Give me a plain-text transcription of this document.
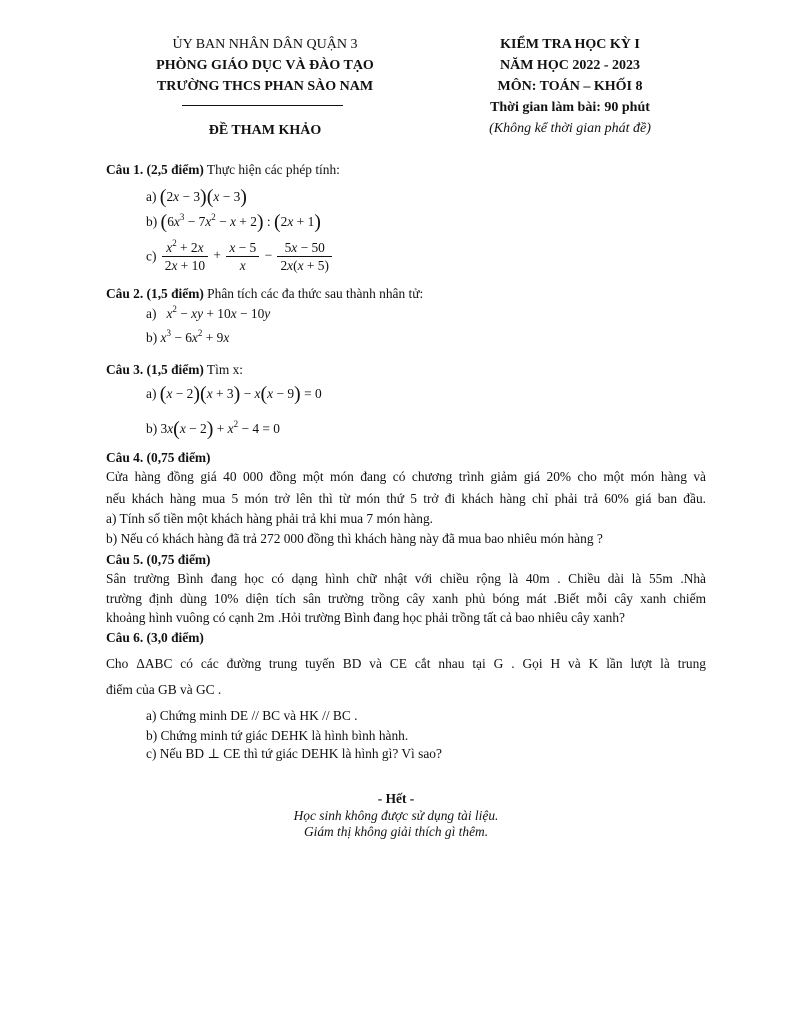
ỦY BAN NHÂN DÂN QUẬN 3
PHÒNG GIÁO DỤC VÀ ĐÀO TẠO
TRƯỜNG THCS PHAN SÀO NAM
ĐỀ THAM KHẢO
KIỂM TRA HỌC KỲ I
NĂM HỌC 2022 - 2023
MÔN: TOÁN – KHỐI 8
Thời gian làm bài: 90 phút
(Không kể thời gian phát đề)
Câu 1. (2,5 điểm) Thực hiện các phép tính:
a) (2x − 3)(x − 3)
b) $(6x^3 - 7x^2 - x + 2)$ : (2x + 1)
$c) \frac{x^2 + 2x}{2x + 10} + \frac{x - 5}{x} - \frac{5x - 50}{2x(x + 5)}$
Câu 2. (1,5 điểm) Phân tích các đa thức sau thành nhân tử:
a) $x^2$ − xy + 10x − 10y
b) $x^3 - 6x^2 + 9x$
Câu 3. (1,5 điểm) Tìm x:
a) (x − 2)(x + 3) − x(x − 9) = 0
b) $3x(x - 2) + x^2 - 4 = 0$
Câu 4. (0,75 điểm)
Cửa hàng đồng giá 40 000 đồng một món đang có chương trình giảm giá 20% cho một món hàng và
nếu khách hàng mua 5 món trở lên thì từ món thứ 5 trở đi khách hàng chỉ phải trả 60% giá ban đầu.
a) Tính số tiền một khách hàng phải trả khi mua 7 món hàng.
b) Nếu có khách hàng đã trả 272 000 đồng thì khách hàng này đã mua bao nhiêu món hàng ?
Câu 5. (0,75 điểm)
Sân trường Bình đang học có dạng hình chữ nhật với chiều rộng là 40m . Chiều dài là 55m .Nhà
trường định dùng 10% diện tích sân trường trồng cây xanh phủ bóng mát .Biết mỗi cây xanh chiếm
khoảng hình vuông có cạnh 2m .Hỏi trường Bình đang học phải trồng tất cả bao nhiêu cây xanh?
Câu 6. (3,0 điểm)
Cho ΔABC có các đường trung tuyến BD và CE cắt nhau tại G . Gọi H và K lần lượt là trung
điểm của GB và GC .
a) Chứng minh DE // BC và HK // BC .
b) Chứng minh tứ giác DEHK là hình bình hành.
c) Nếu BD ⊥ CE thì tứ giác DEHK là hình gì? Vì sao?
- Hết -
Học sinh không được sử dụng tài liệu.
Giám thị không giải thích gì thêm.
